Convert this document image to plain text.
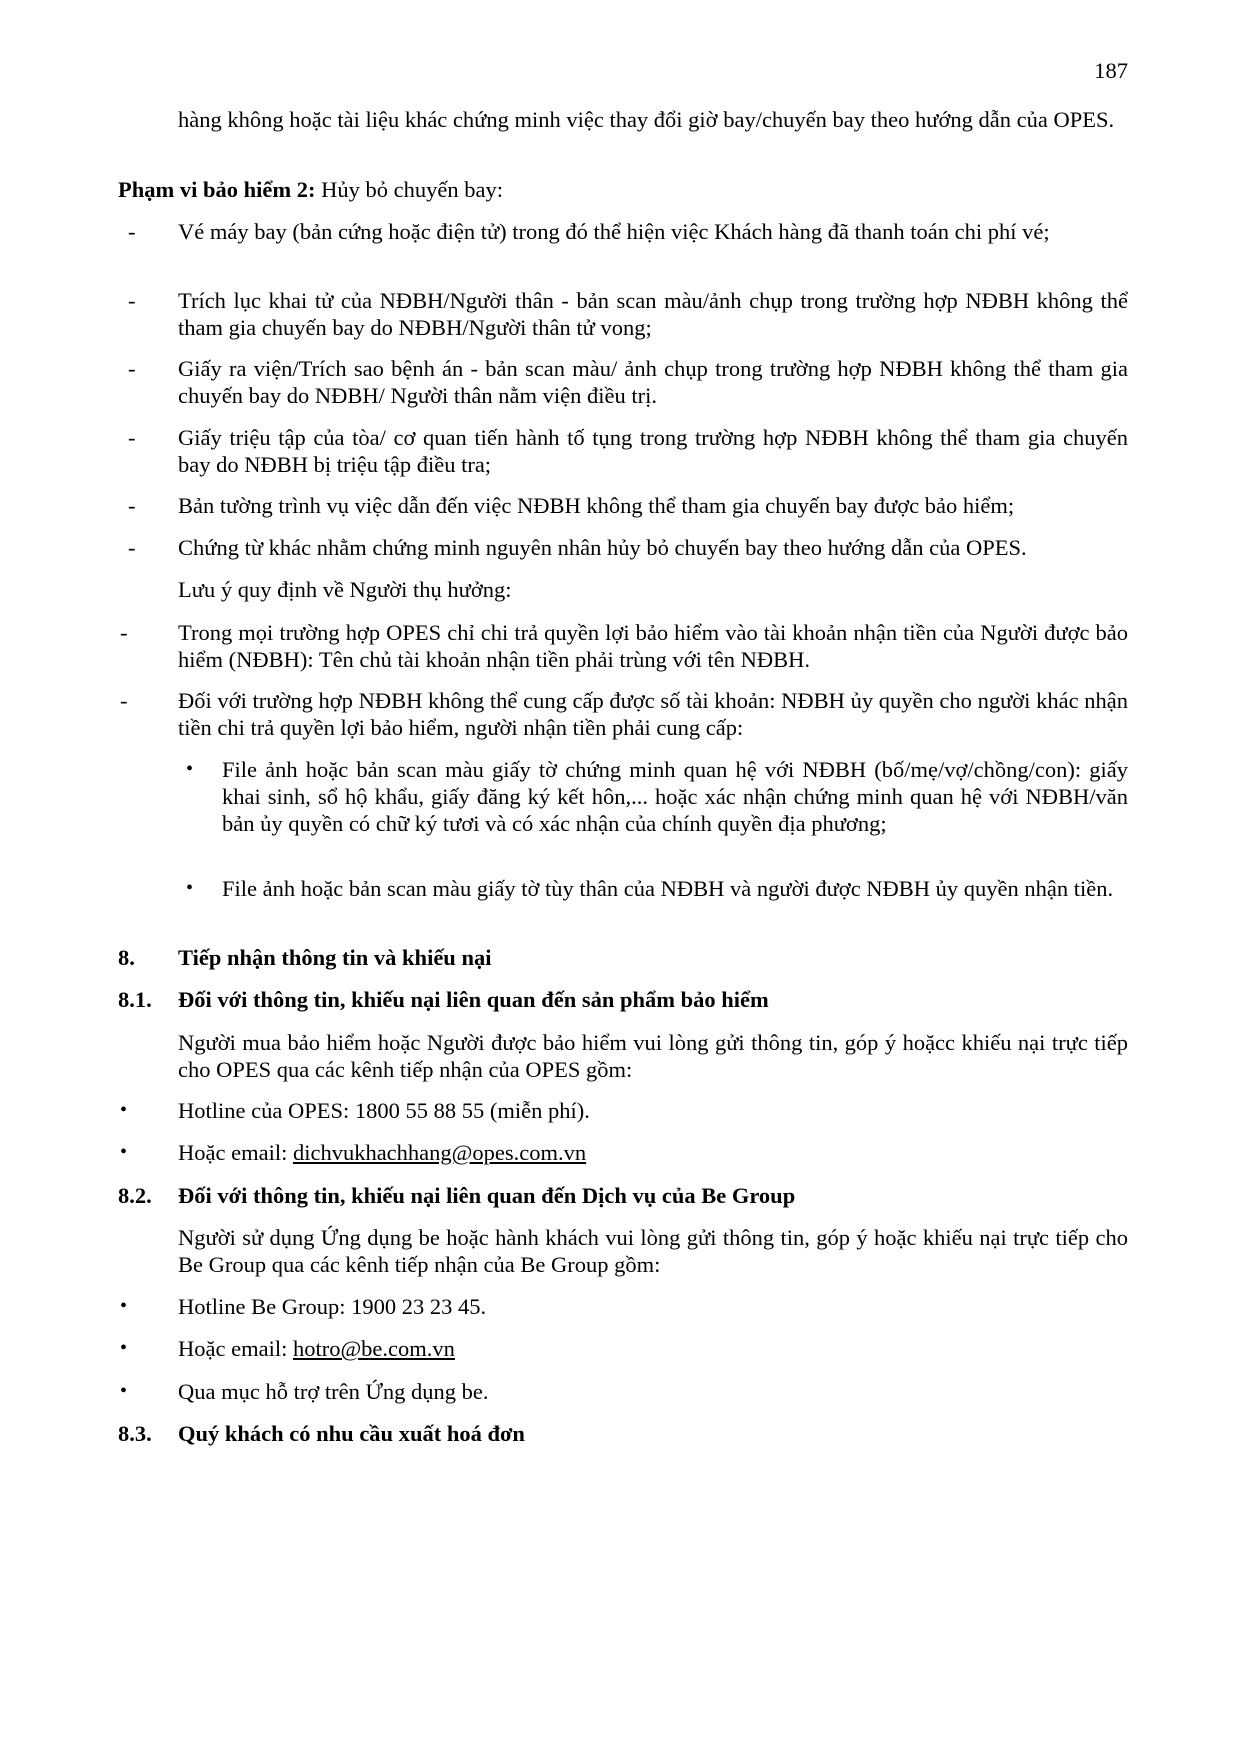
187
hàng không hoặc tài liệu khác chứng minh việc thay đổi giờ bay/chuyến bay theo hướng dẫn của OPES.
Phạm vi bảo hiểm 2: Hủy bỏ chuyến bay:
- Vé máy bay (bản cứng hoặc điện tử) trong đó thể hiện việc Khách hàng đã thanh toán chi phí vé;
- Trích lục khai tử của NĐBH/Người thân - bản scan màu/ảnh chụp trong trường hợp NĐBH không thể tham gia chuyến bay do NĐBH/Người thân tử vong;
- Giấy ra viện/Trích sao bệnh án - bản scan màu/ ảnh chụp trong trường hợp NĐBH không thể tham gia chuyến bay do NĐBH/ Người thân nằm viện điều trị.
- Giấy triệu tập của tòa/ cơ quan tiến hành tố tụng trong trường hợp NĐBH không thể tham gia chuyến bay do NĐBH bị triệu tập điều tra;
- Bản tường trình vụ việc dẫn đến việc NĐBH không thể tham gia chuyến bay được bảo hiểm;
- Chứng từ khác nhằm chứng minh nguyên nhân hủy bỏ chuyến bay theo hướng dẫn của OPES.
Lưu ý quy định về Người thụ hưởng:
- Trong mọi trường hợp OPES chỉ chi trả quyền lợi bảo hiểm vào tài khoản nhận tiền của Người được bảo hiểm (NĐBH): Tên chủ tài khoản nhận tiền phải trùng với tên NĐBH.
- Đối với trường hợp NĐBH không thể cung cấp được số tài khoản: NĐBH ủy quyền cho người khác nhận tiền chi trả quyền lợi bảo hiểm, người nhận tiền phải cung cấp:
• File ảnh hoặc bản scan màu giấy tờ chứng minh quan hệ với NĐBH (bố/mẹ/vợ/chồng/con): giấy khai sinh, sổ hộ khẩu, giấy đăng ký kết hôn,... hoặc xác nhận chứng minh quan hệ với NĐBH/văn bản ủy quyền có chữ ký tươi và có xác nhận của chính quyền địa phương;
• File ảnh hoặc bản scan màu giấy tờ tùy thân của NĐBH và người được NĐBH ủy quyền nhận tiền.
8. Tiếp nhận thông tin và khiếu nại
8.1. Đối với thông tin, khiếu nại liên quan đến sản phẩm bảo hiểm
Người mua bảo hiểm hoặc Người được bảo hiểm vui lòng gửi thông tin, góp ý hoặcc khiếu nại trực tiếp cho OPES qua các kênh tiếp nhận của OPES gồm:
• Hotline của OPES: 1800 55 88 55 (miễn phí).
• Hoặc email: dichvukhachhang@opes.com.vn
8.2. Đối với thông tin, khiếu nại liên quan đến Dịch vụ của Be Group
Người sử dụng Ứng dụng be hoặc hành khách vui lòng gửi thông tin, góp ý hoặc khiếu nại trực tiếp cho Be Group qua các kênh tiếp nhận của Be Group gồm:
• Hotline Be Group: 1900 23 23 45.
• Hoặc email: hotro@be.com.vn
• Qua mục hỗ trợ trên Ứng dụng be.
8.3. Quý khách có nhu cầu xuất hoá đơn
